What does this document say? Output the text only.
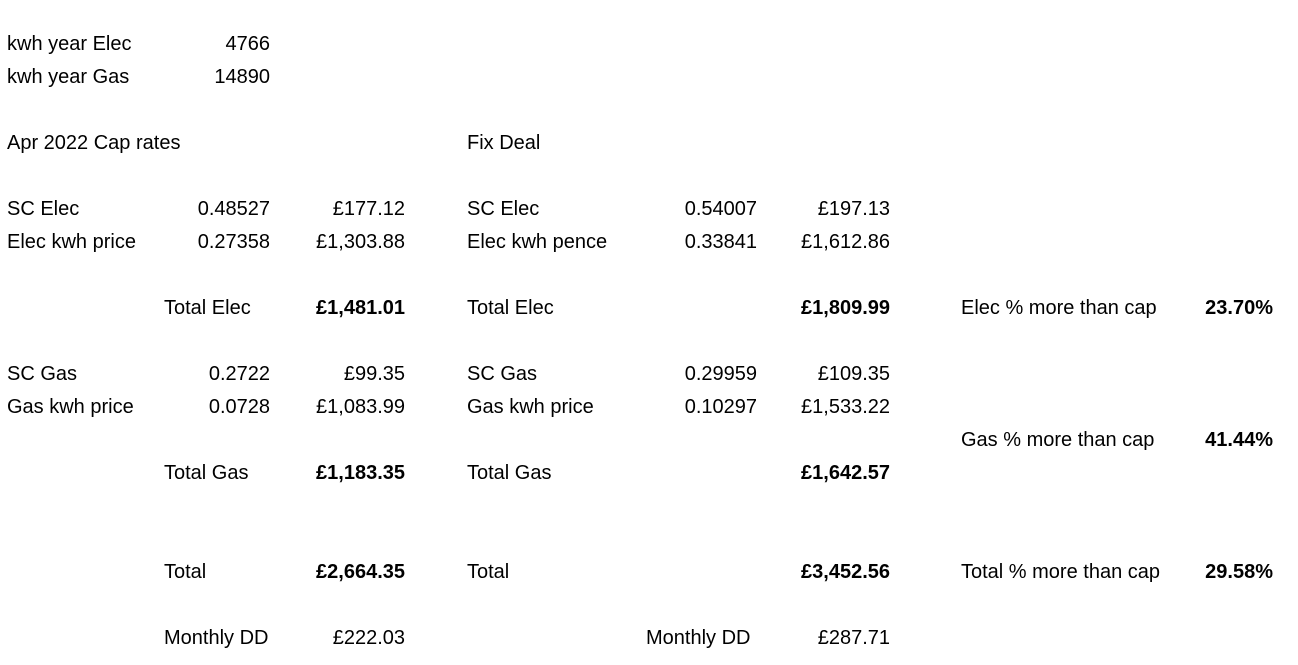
kwh year Elec	4766
kwh year Gas	14890
Apr 2022 Cap rates	Fix Deal
SC Elec	0.48527	£177.12	SC Elec	0.54007	£197.13
Elec kwh price	0.27358	£1,303.88	Elec kwh pence	0.33841	£1,612.86
Total Elec	£1,481.01	Total Elec	£1,809.99	Elec % more than cap	23.70%
SC Gas	0.2722	£99.35	SC Gas	0.29959	£109.35
Gas kwh price	0.0728	£1,083.99	Gas kwh price	0.10297	£1,533.22
Gas % more than cap	41.44%
Total Gas	£1,183.35	Total Gas	£1,642.57
Total	£2,664.35	Total	£3,452.56	Total % more than cap	29.58%
Monthly DD	£222.03	Monthly DD	£287.71
